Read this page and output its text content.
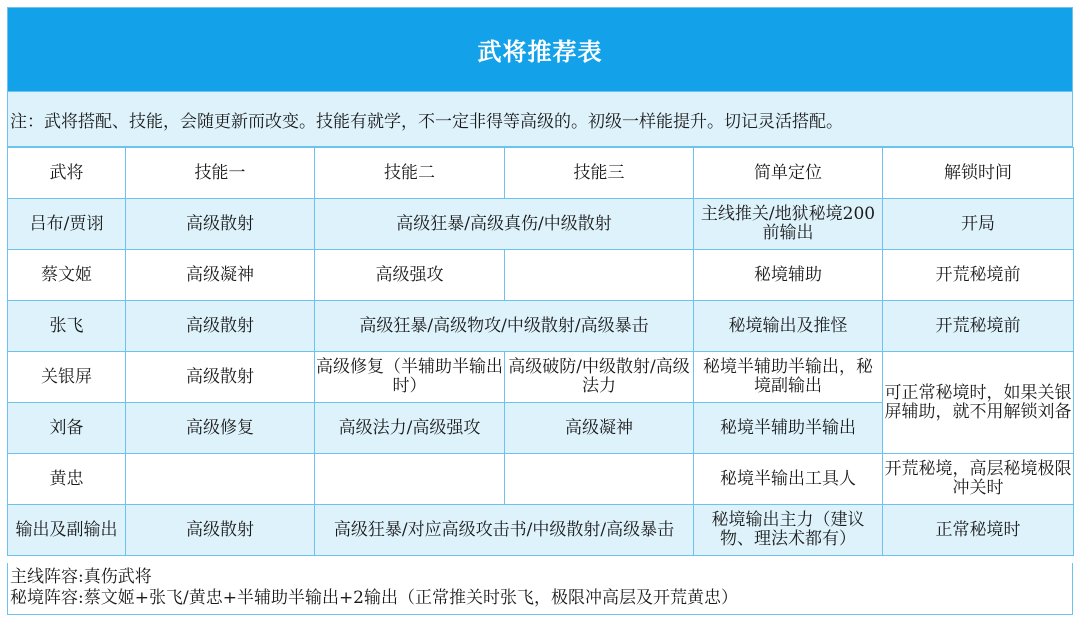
武将推荐表
注：武将搭配、技能，会随更新而改变。技能有就学，不一定非得等高级的。初级一样能提升。切记灵活搭配。
武将	技能一	技能二	技能三	简单定位	解锁时间
吕布/贾诩	高级散射	高级狂暴/高级真伤/中级散射		主线推关/地狱秘境200前输出	开局
蔡文姬	高级凝神	高级强攻		秘境辅助	开荒秘境前
张飞	高级散射	高级狂暴/高级物攻/中级散射/高级暴击		秘境输出及推怪	开荒秘境前
关银屏	高级散射	高级修复（半辅助半输出时）	高级破防/中级散射/高级法力	秘境半辅助半输出，秘境副输出	可正常秘境时，如果关银屏辅助，就不用解锁刘备
刘备	高级修复	高级法力/高级强攻	高级凝神	秘境半辅助半输出	
黄忠				秘境半输出工具人	开荒秘境，高层秘境极限冲关时
输出及副输出	高级散射	高级狂暴/对应高级攻击书/中级散射/高级暴击		秘境输出主力（建议物、理法术都有）	正常秘境时
主线阵容:真伤武将
秘境阵容:蔡文姬+张飞/黄忠+半辅助半输出+2输出（正常推关时张飞，极限冲高层及开荒黄忠）
